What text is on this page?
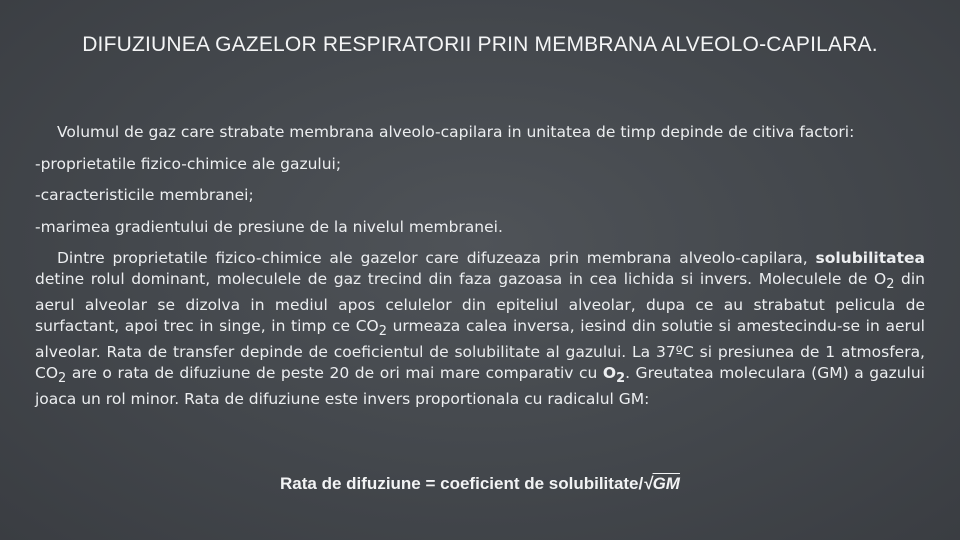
DIFUZIUNEA GAZELOR RESPIRATORII PRIN MEMBRANA ALVEOLO-CAPILARA.

Volumul de gaz care strabate membrana alveolo-capilara in unitatea de timp depinde de citiva factori:

-proprietatile fizico-chimice ale gazului;

-caracteristicile membranei;

-marimea gradientului de presiune de la nivelul membranei.

Dintre proprietatile fizico-chimice ale gazelor care difuzeaza prin membrana alveolo-capilara, solubilitatea detine rolul dominant, moleculele de gaz trecind din faza gazoasa in cea lichida si invers. Moleculele de $O_2$ din aerul alveolar se dizolva in mediul apos celulelor din epiteliul alveolar, dupa ce au strabatut pelicula de surfactant, apoi trec in singe, in timp ce $CO_2$ urmeaza calea inversa, iesind din solutie si amestecindu-se in aerul alveolar. Rata de transfer depinde de coeficientul de solubilitate al gazului. La 37ºC si presiunea de 1 atmosfera, $CO_2$ are o rata de difuziune de peste 20 de ori mai mare comparativ cu $O_2$. Greutatea moleculara (GM) a gazului joaca un rol minor. Rata de difuziune este invers proportionala cu radicalul GM:

Rata de difuziune = coeficient de solubilitate/√GM
